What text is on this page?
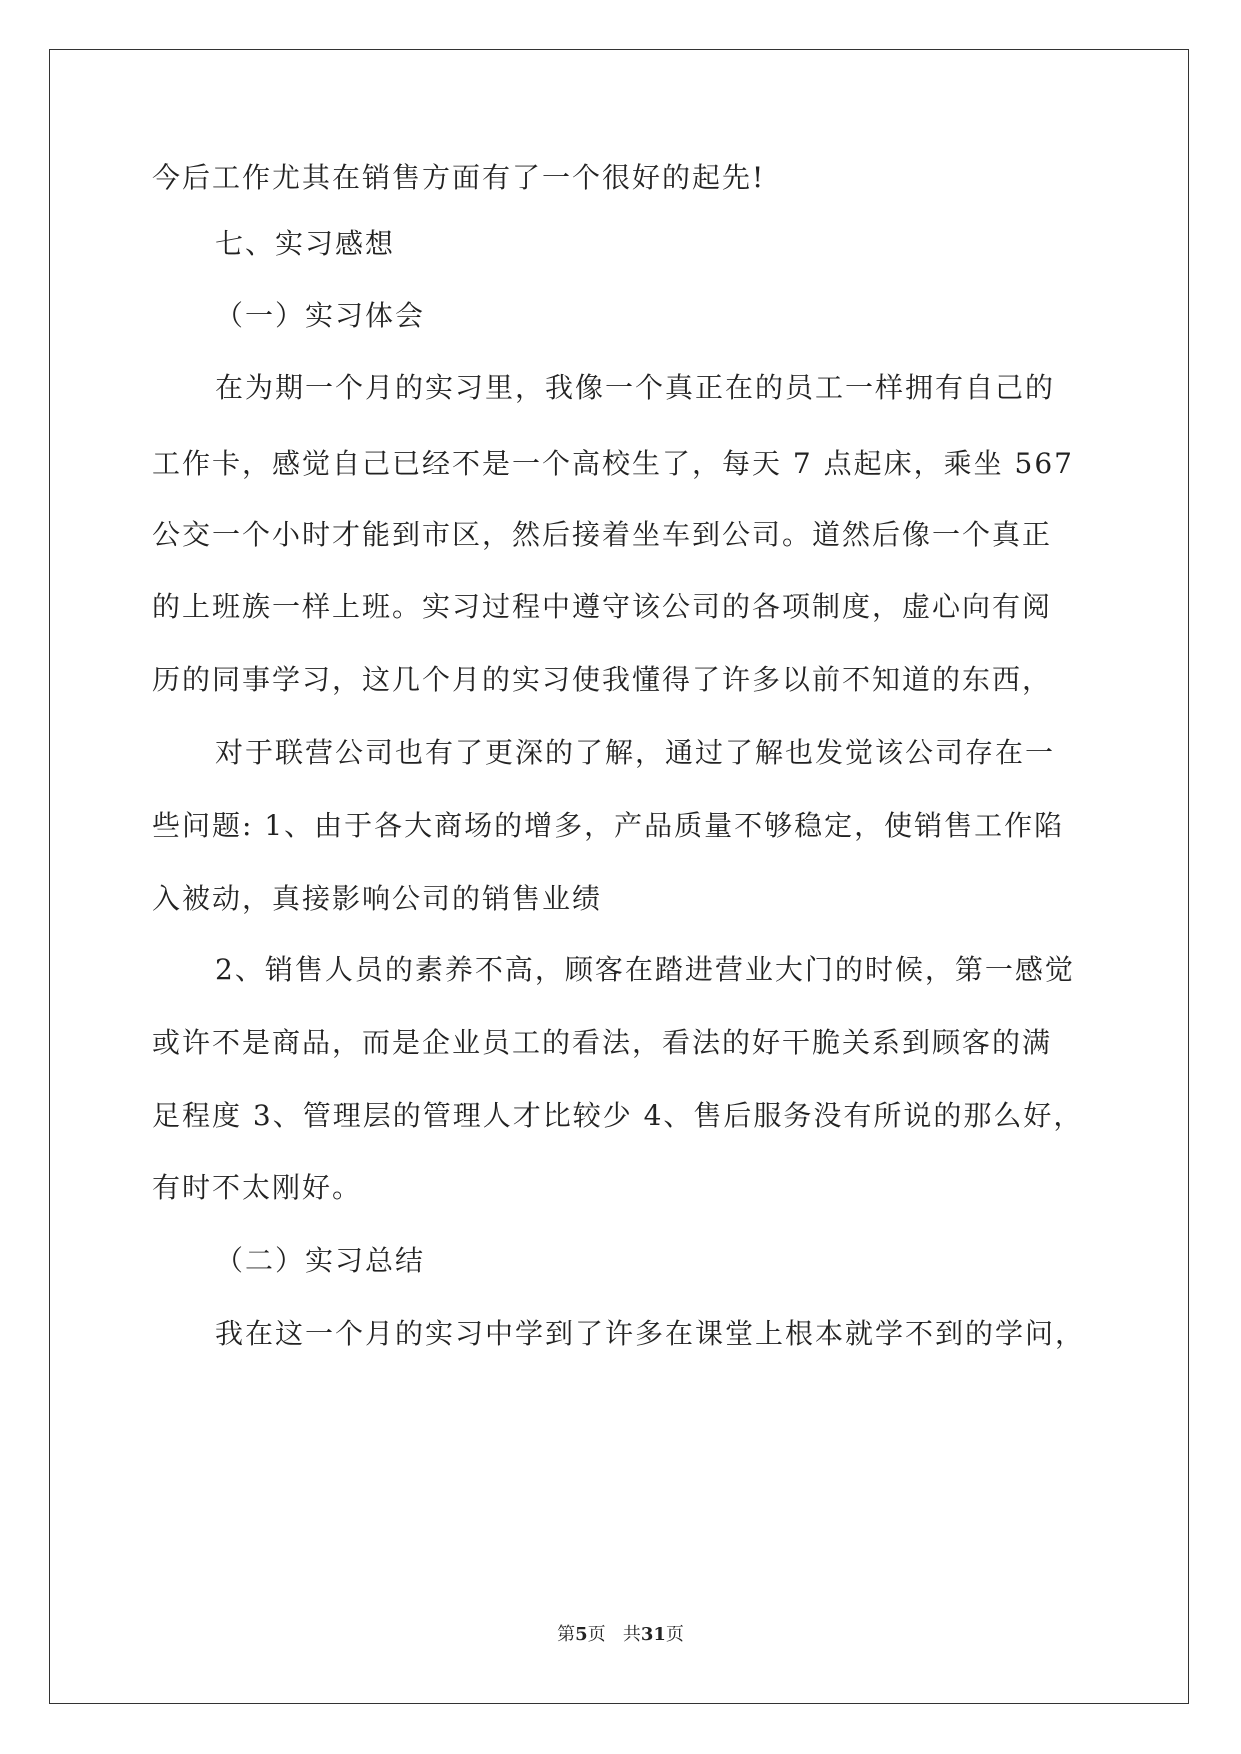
今后工作尤其在销售方面有了一个很好的起先!
七、实习感想
（一）实习体会
在为期一个月的实习里，我像一个真正在的员工一样拥有自己的
工作卡，感觉自己已经不是一个高校生了，每天 7 点起床，乘坐 567
公交一个小时才能到市区，然后接着坐车到公司。道然后像一个真正
的上班族一样上班。实习过程中遵守该公司的各项制度，虚心向有阅
历的同事学习，这几个月的实习使我懂得了许多以前不知道的东西，
对于联营公司也有了更深的了解，通过了解也发觉该公司存在一
些问题: 1、由于各大商场的增多，产品质量不够稳定，使销售工作陷
入被动，真接影响公司的销售业绩
2、销售人员的素养不高，顾客在踏进营业大门的时候，第一感觉
或许不是商品，而是企业员工的看法，看法的好干脆关系到顾客的满
足程度 3、管理层的管理人才比较少 4、售后服务没有所说的那么好，
有时不太刚好。
（二）实习总结
我在这一个月的实习中学到了许多在课堂上根本就学不到的学问，
第5页 共31页
